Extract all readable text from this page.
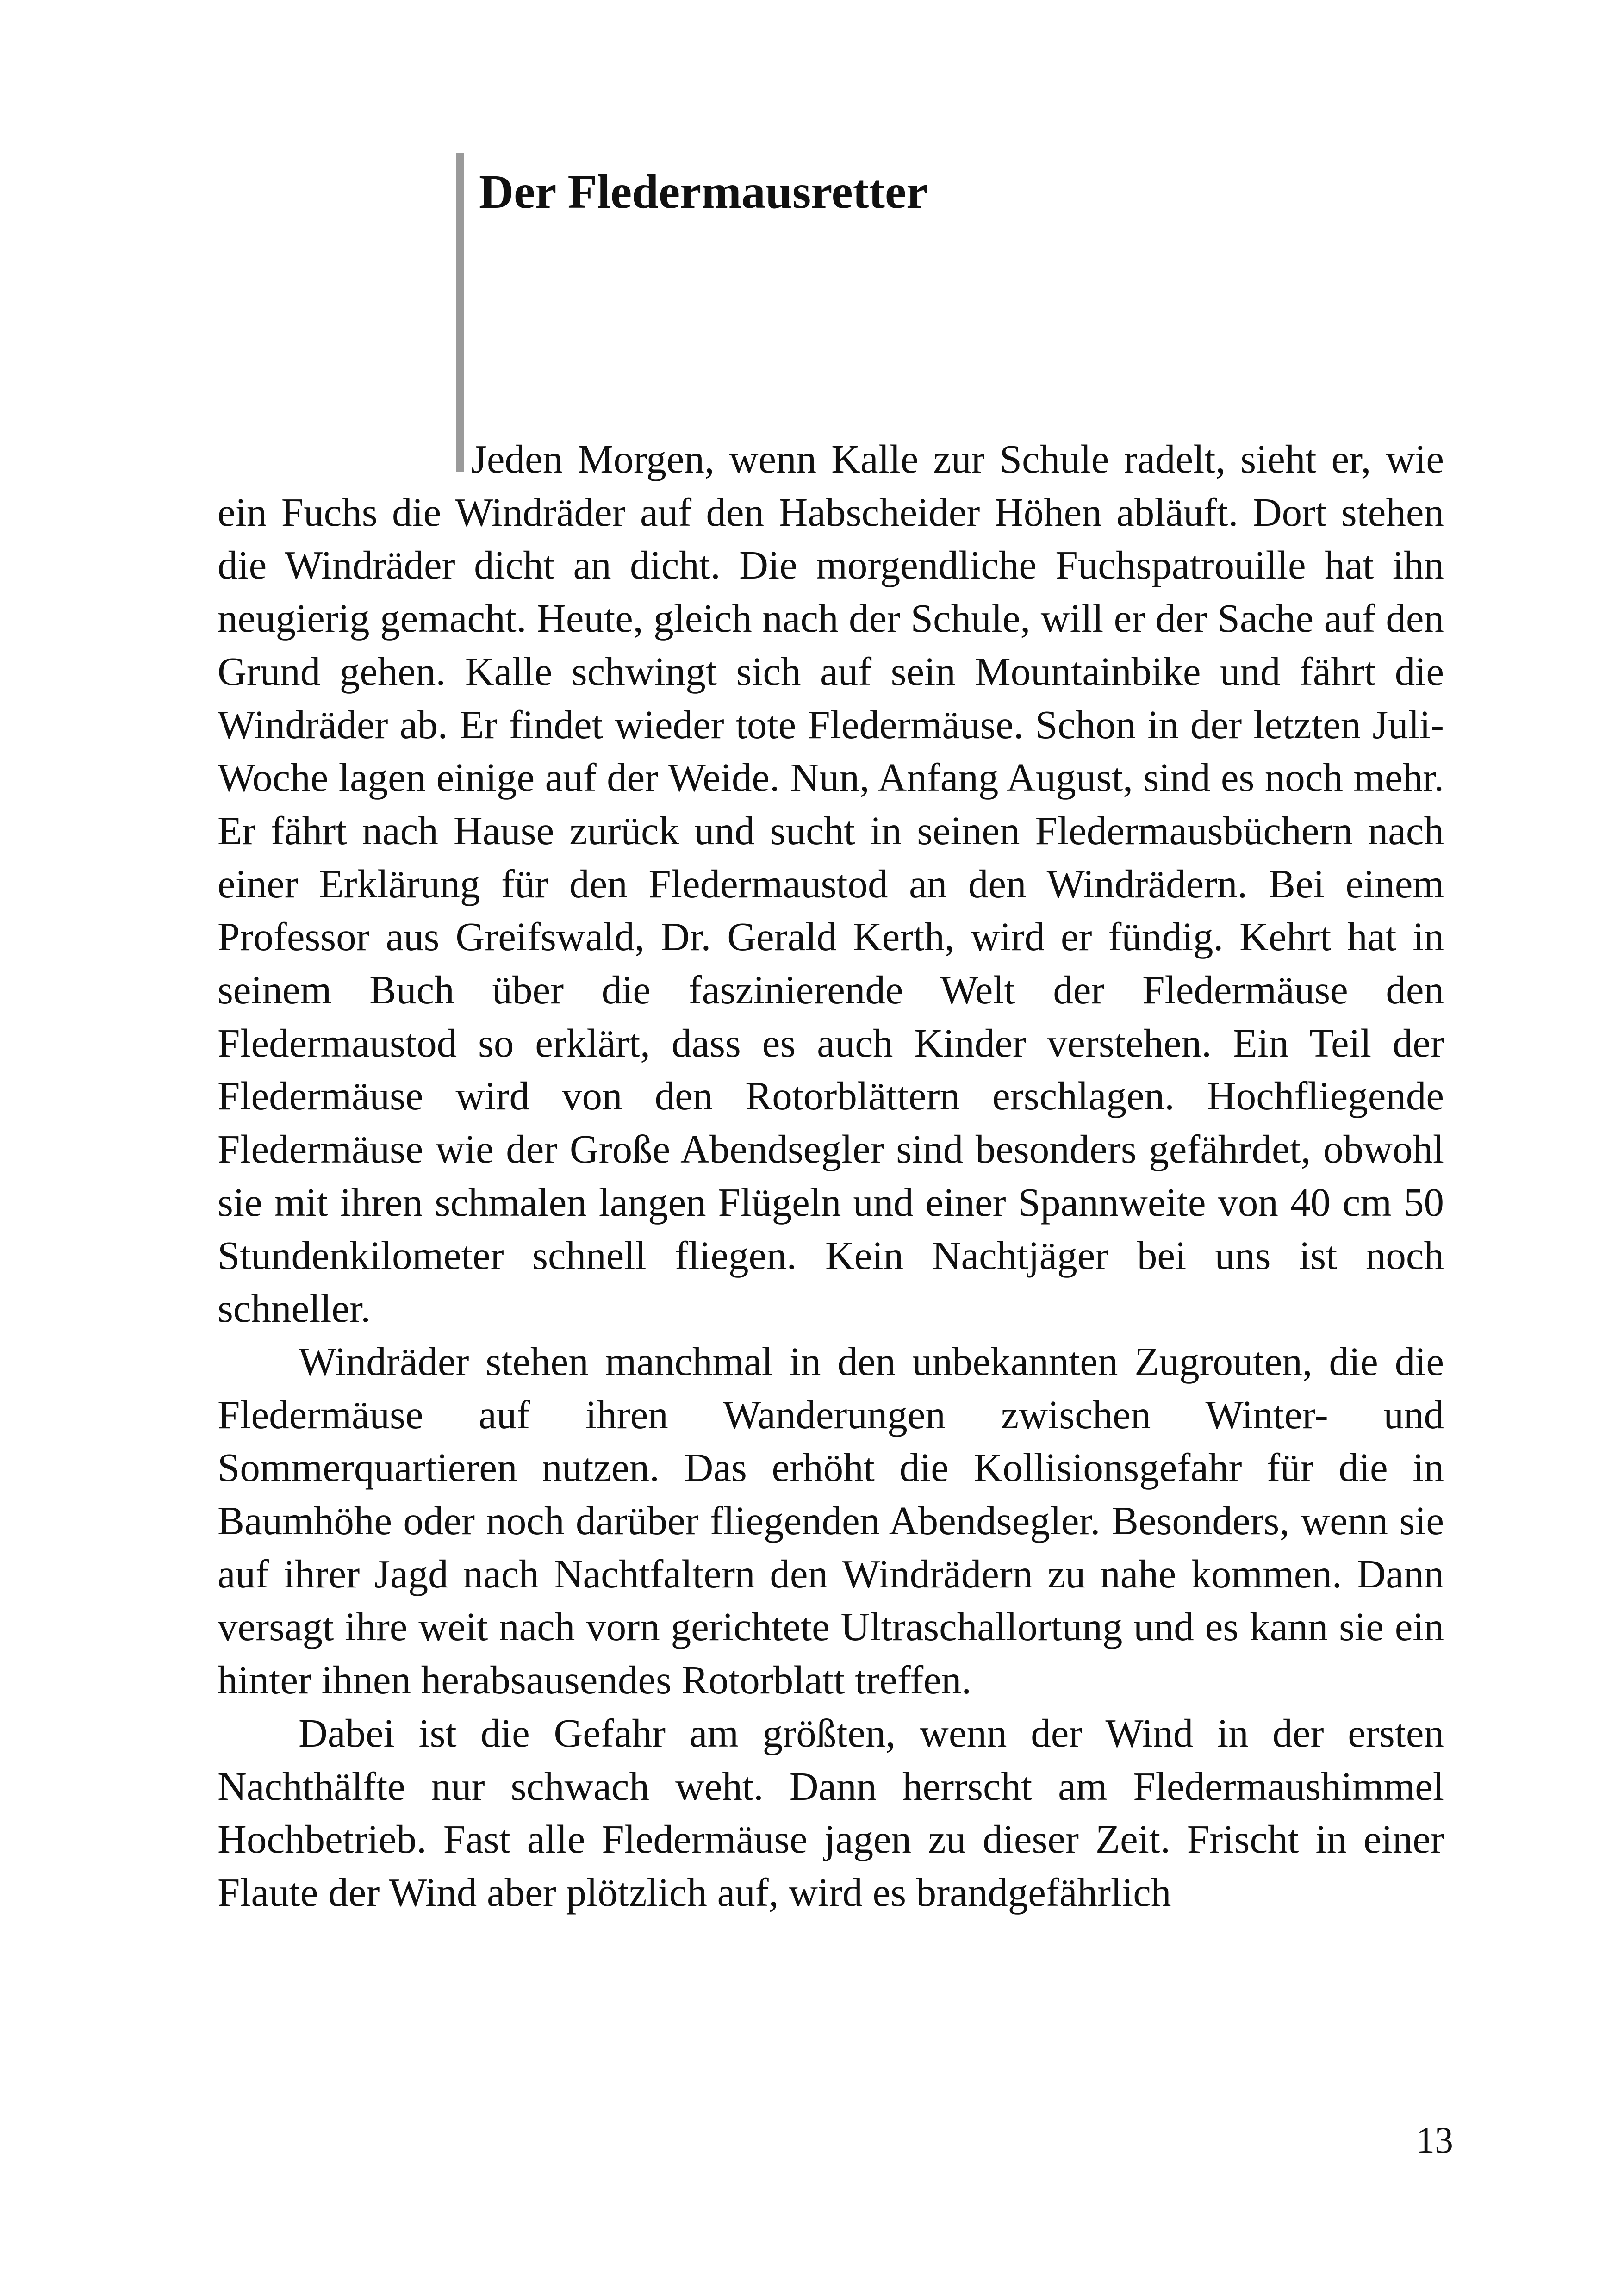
Der Fledermausretter

Jeden Morgen, wenn Kalle zur Schule radelt, sieht er, wie ein Fuchs die Windräder auf den Habscheider Höhen abläuft. Dort stehen die Windräder dicht an dicht. Die morgendliche Fuchspatrouille hat ihn neugierig gemacht. Heute, gleich nach der Schule, will er der Sache auf den Grund gehen. Kalle schwingt sich auf sein Mountainbike und fährt die Windräder ab. Er findet wieder tote Fledermäuse. Schon in der letzten Juli-Woche lagen einige auf der Weide. Nun, Anfang August, sind es noch mehr. Er fährt nach Hause zurück und sucht in seinen Fledermausbüchern nach einer Erklärung für den Fledermaustod an den Windrädern. Bei einem Professor aus Greifswald, Dr. Gerald Kerth, wird er fündig. Kehrt hat in seinem Buch über die faszinierende Welt der Fledermäuse den Fledermaustod so erklärt, dass es auch Kinder verstehen. Ein Teil der Fledermäuse wird von den Rotorblättern erschlagen. Hochfliegende Fledermäuse wie der Große Abendsegler sind besonders gefährdet, obwohl sie mit ihren schmalen langen Flügeln und einer Spannweite von 40 cm 50 Stundenkilometer schnell fliegen. Kein Nachtjäger bei uns ist noch schneller.

Windräder stehen manchmal in den unbekannten Zugrouten, die die Fledermäuse auf ihren Wanderungen zwischen Winter- und Sommerquartieren nutzen. Das erhöht die Kollisionsgefahr für die in Baumhöhe oder noch darüber fliegenden Abendsegler. Besonders, wenn sie auf ihrer Jagd nach Nachtfaltern den Windrädern zu nahe kommen. Dann versagt ihre weit nach vorn gerichtete Ultraschallortung und es kann sie ein hinter ihnen herabsausendes Rotorblatt treffen.

Dabei ist die Gefahr am größten, wenn der Wind in der ersten Nachthälfte nur schwach weht. Dann herrscht am Fledermaushimmel Hochbetrieb. Fast alle Fledermäuse jagen zu dieser Zeit. Frischt in einer Flaute der Wind aber plötzlich auf, wird es brandgefährlich

13
